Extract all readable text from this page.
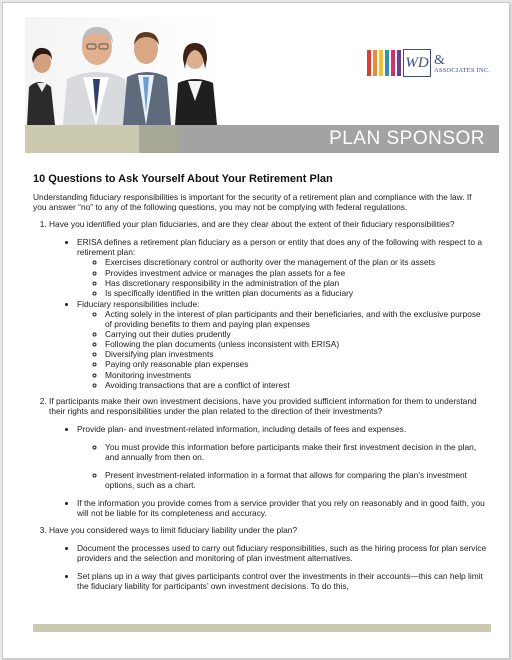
WD &
ASSOCIATES INC.
PLAN SPONSOR
10 Questions to Ask Yourself About Your Retirement Plan

Understanding fiduciary responsibilities is important for the security of a retirement plan and compliance with the law. If you answer “no” to any of the following questions, you may not be complying with federal regulations.

1. Have you identified your plan fiduciaries, and are they clear about the extent of their fiduciary responsibilities?
• ERISA defines a retirement plan fiduciary as a person or entity that does any of the following with respect to a retirement plan:
◦ Exercises discretionary control or authority over the management of the plan or its assets
◦ Provides investment advice or manages the plan assets for a fee
◦ Has discretionary responsibility in the administration of the plan
◦ Is specifically identified in the written plan documents as a fiduciary
• Fiduciary responsibilities include:
◦ Acting solely in the interest of plan participants and their beneficiaries, and with the exclusive purpose of providing benefits to them and paying plan expenses
◦ Carrying out their duties prudently
◦ Following the plan documents (unless inconsistent with ERISA)
◦ Diversifying plan investments
◦ Paying only reasonable plan expenses
◦ Monitoring investments
◦ Avoiding transactions that are a conflict of interest
2. If participants make their own investment decisions, have you provided sufficient information for them to understand their rights and responsibilities under the plan related to the direction of their investments?
• Provide plan- and investment-related information, including details of fees and expenses.
◦ You must provide this information before participants make their first investment decision in the plan, and annually from then on.
◦ Present investment-related information in a format that allows for comparing the plan’s investment options, such as a chart.
• If the information you provide comes from a service provider that you rely on reasonably and in good faith, you will not be liable for its completeness and accuracy.
3. Have you considered ways to limit fiduciary liability under the plan?
• Document the processes used to carry out fiduciary responsibilities, such as the hiring process for plan service providers and the selection and monitoring of plan investment alternatives.
• Set plans up in a way that gives participants control over the investments in their accounts—this can help limit the fiduciary liability for participants’ own investment decisions. To do this,
